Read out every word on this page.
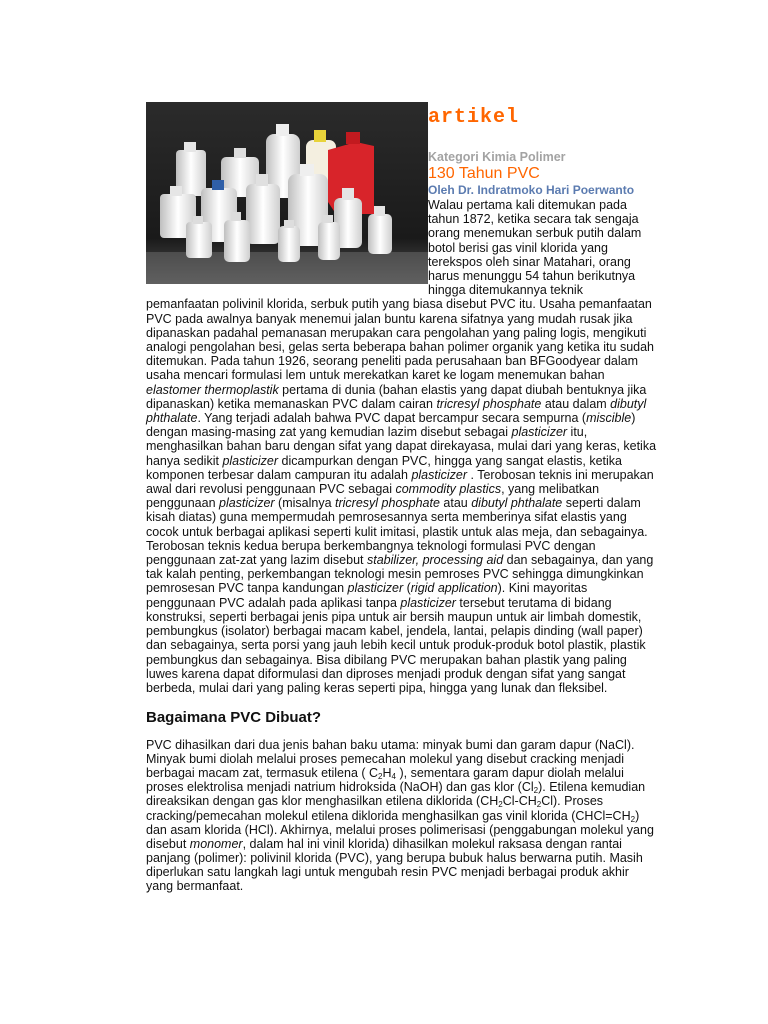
artikel
Kategori Kimia Polimer
130 Tahun PVC
Oleh Dr. Indratmoko Hari Poerwanto

Walau pertama kali ditemukan pada tahun 1872, ketika secara tak sengaja orang menemukan serbuk putih dalam botol berisi gas vinil klorida yang terekspos oleh sinar Matahari, orang harus menunggu 54 tahun berikutnya hingga ditemukannya teknik pemanfaatan polivinil klorida, serbuk putih yang biasa disebut PVC itu. Usaha pemanfaatan PVC pada awalnya banyak menemui jalan buntu karena sifatnya yang mudah rusak jika dipanaskan padahal pemanasan merupakan cara pengolahan yang paling logis, mengikuti analogi pengolahan besi, gelas serta beberapa bahan polimer organik yang ketika itu sudah ditemukan. Pada tahun 1926, seorang peneliti pada perusahaan ban BFGoodyear dalam usaha mencari formulasi lem untuk merekatkan karet ke logam menemukan bahan elastomer thermoplastik pertama di dunia (bahan elastis yang dapat diubah bentuknya jika dipanaskan) ketika memanaskan PVC dalam cairan tricresyl phosphate atau dalam dibutyl phthalate. Yang terjadi adalah bahwa PVC dapat bercampur secara sempurna (miscible) dengan masing-masing zat yang kemudian lazim disebut sebagai plasticizer itu, menghasilkan bahan baru dengan sifat yang dapat direkayasa, mulai dari yang keras, ketika hanya sedikit plasticizer dicampurkan dengan PVC, hingga yang sangat elastis, ketika komponen terbesar dalam campuran itu adalah plasticizer . Terobosan teknis ini merupakan awal dari revolusi penggunaan PVC sebagai commodity plastics, yang melibatkan penggunaan plasticizer (misalnya tricresyl phosphate atau dibutyl phthalate seperti dalam kisah diatas) guna mempermudah pemrosesannya serta memberinya sifat elastis yang cocok untuk berbagai aplikasi seperti kulit imitasi, plastik untuk alas meja, dan sebagainya. Terobosan teknis kedua berupa berkembangnya teknologi formulasi PVC dengan penggunaan zat-zat yang lazim disebut stabilizer, processing aid dan sebagainya, dan yang tak kalah penting, perkembangan teknologi mesin pemroses PVC sehingga dimungkinkan pemrosesan PVC tanpa kandungan plasticizer (rigid application). Kini mayoritas penggunaan PVC adalah pada aplikasi tanpa plasticizer tersebut terutama di bidang konstruksi, seperti berbagai jenis pipa untuk air bersih maupun untuk air limbah domestik, pembungkus (isolator) berbagai macam kabel, jendela, lantai, pelapis dinding (wall paper) dan sebagainya, serta porsi yang jauh lebih kecil untuk produk-produk botol plastik, plastik pembungkus dan sebagainya. Bisa dibilang PVC merupakan bahan plastik yang paling luwes karena dapat diformulasi dan diproses menjadi produk dengan sifat yang sangat berbeda, mulai dari yang paling keras seperti pipa, hingga yang lunak dan fleksibel.

Bagaimana PVC Dibuat?

PVC dihasilkan dari dua jenis bahan baku utama: minyak bumi dan garam dapur (NaCl). Minyak bumi diolah melalui proses pemecahan molekul yang disebut cracking menjadi berbagai macam zat, termasuk etilena ( $C_2H_4$ ), sementara garam dapur diolah melalui proses elektrolisa menjadi natrium hidroksida (NaOH) dan gas klor $(Cl_2)$. Etilena kemudian direaksikan dengan gas klor menghasilkan etilena diklorida $(CH_2Cl-CH_2Cl)$. Proses cracking/pemecahan molekul etilena diklorida menghasilkan gas vinil klorida $(CHCl=CH_2)$ dan asam klorida (HCl). Akhirnya, melalui proses polimerisasi (penggabungan molekul yang disebut monomer, dalam hal ini vinil klorida) dihasilkan molekul raksasa dengan rantai panjang (polimer): polivinil klorida (PVC), yang berupa bubuk halus berwarna putih. Masih diperlukan satu langkah lagi untuk mengubah resin PVC menjadi berbagai produk akhir yang bermanfaat.
